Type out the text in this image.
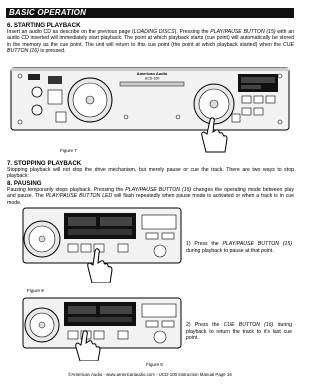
BASIC OPERATION
6. STARTING PLAYBACK
Insert an audio CD as describe on the previous page (LOADING DISCS). Pressing the PLAY/PAUSE BUTTON (15) with an audio CD inserted will immediately start playback. The point at which playback starts (cue point) will automatically be stored in the memory as the cue point. The unit will return to this cue point (the point at which playback started) when the CUE BUTTON (16) is pressed.
American Audio
UCD-100
Figure 7
7. STOPPING PLAYBACK
Stopping playback will not stop the drive mechanism, but merely pause or cue the track. There are two ways to stop playback:
8. PAUSING
Pausing temporarily stops playback. Pressing the PLAY/PAUSE BUTTON (15) changes the operating mode between play and pause. The PLAY/PAUSE BUTTON LED will flash repeatedly when pause mode is activated or when a track is in cue mode.
Figure 8
1) Press the PLAY/PAUSE BUTTON (15) during playback to pause at that point.
Figure 9
2) Press the CUE BUTTON (16) during playback to return the track to it's last cue point.
©American Audio - www.americanaudio.com - UCD-100 Instruction Manual Page 16
